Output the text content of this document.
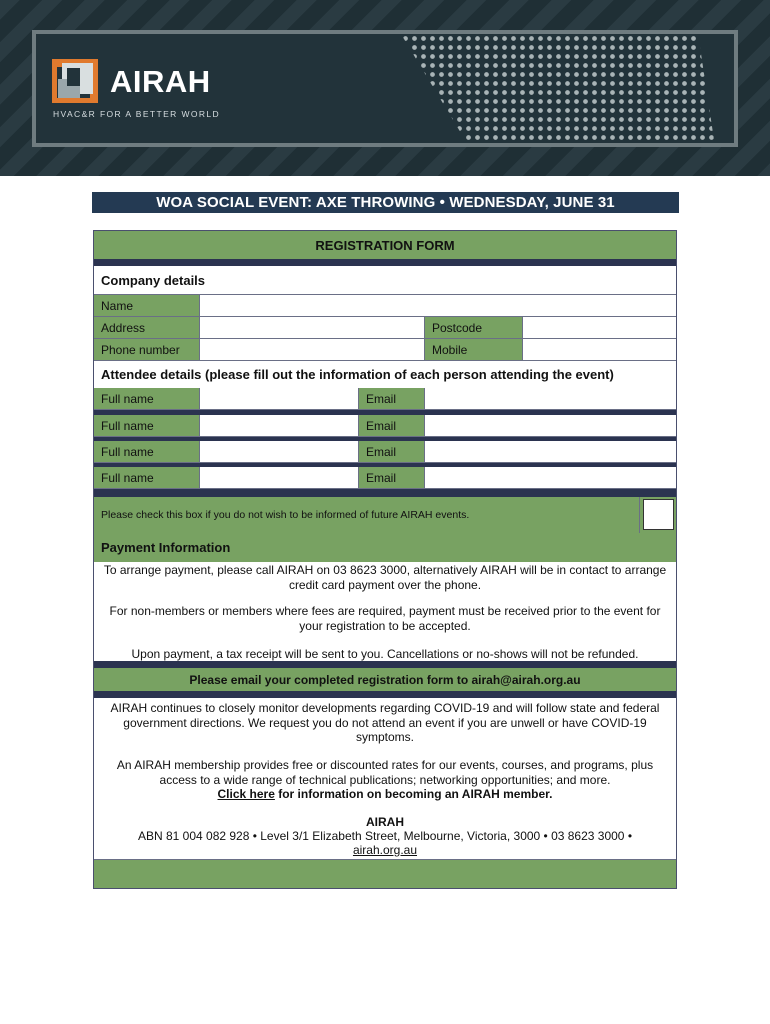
AIRAH
HVAC&R FOR A BETTER WORLD
WOA SOCIAL EVENT: AXE THROWING • WEDNESDAY, JUNE 31
REGISTRATION FORM
Company details
Name
Address	Postcode
Phone number	Mobile
Attendee details (please fill out the information of each person attending the event)
Full name	Email
Full name	Email
Full name	Email
Full name	Email
Please check this box if you do not wish to be informed of future AIRAH events.
Payment Information
To arrange payment, please call AIRAH on 03 8623 3000, alternatively AIRAH will be in contact to arrange credit card payment over the phone.
For non-members or members where fees are required, payment must be received prior to the event for your registration to be accepted.
Upon payment, a tax receipt will be sent to you. Cancellations or no-shows will not be refunded.
Please email your completed registration form to airah@airah.org.au
AIRAH continues to closely monitor developments regarding COVID-19 and will follow state and federal government directions. We request you do not attend an event if you are unwell or have COVID-19 symptoms.
An AIRAH membership provides free or discounted rates for our events, courses, and programs, plus access to a wide range of technical publications; networking opportunities; and more.
Click here for information on becoming an AIRAH member.
AIRAH
ABN 81 004 082 928 • Level 3/1 Elizabeth Street, Melbourne, Victoria, 3000 • 03 8623 3000 •
airah.org.au
